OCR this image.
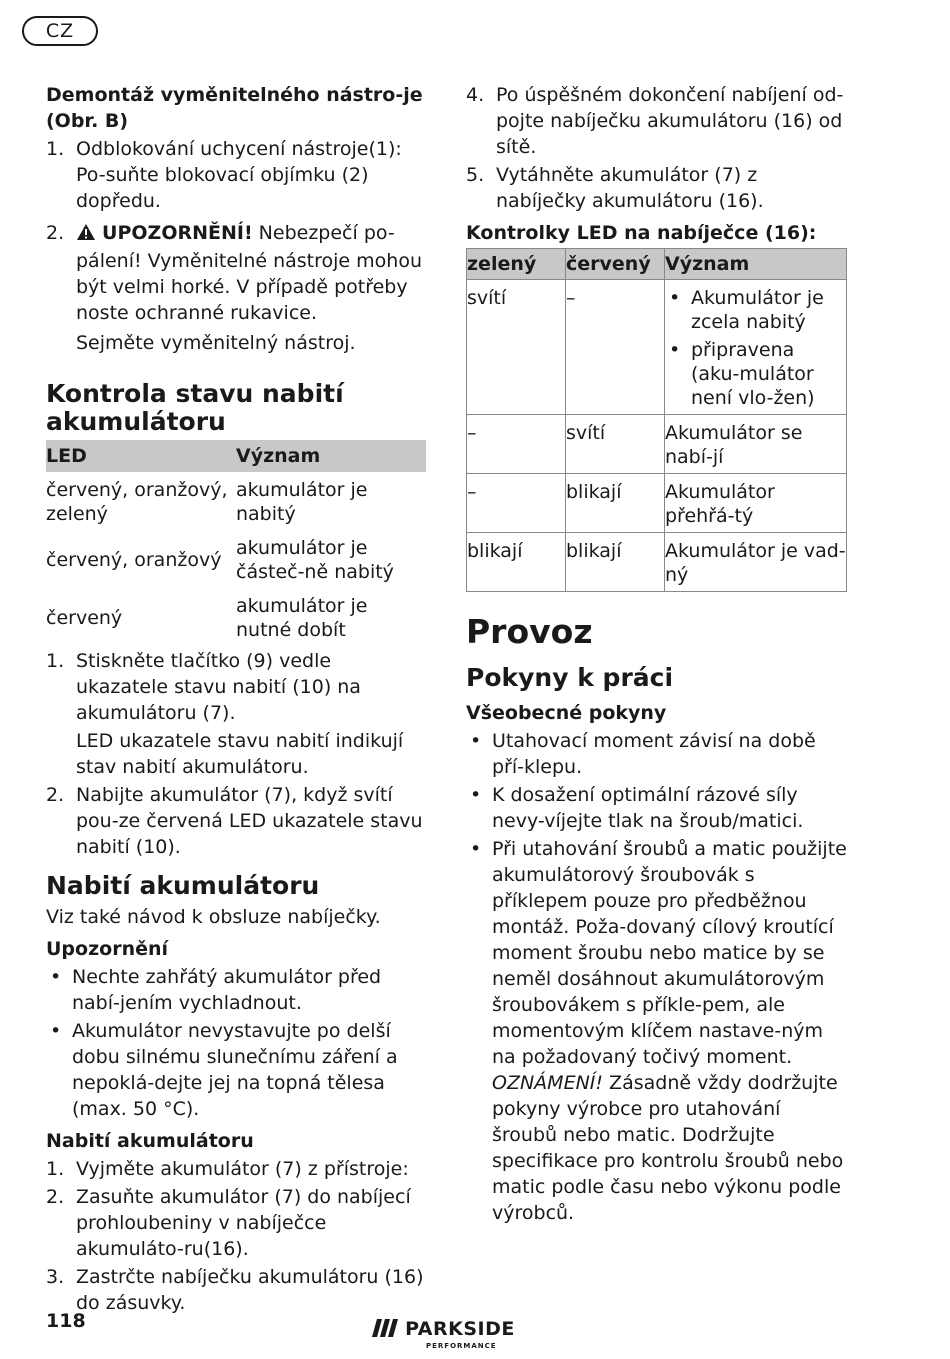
CZ

Demontáž vyměnitelného nástro-je (Obr. B)

1. Odblokování uchycení nástroje(1): Po-suňte blokovací objímku (2) dopředu.
2. UPOZORNĚNÍ! Nebezpečí po-pálení! Vyměnitelné nástroje mohou být velmi horké. V případě potřeby noste ochranné rukavice.
Sejměte vyměnitelný nástroj.

Kontrola stavu nabití akumulátoru

LED	Význam
červený, oranžový, zelený	akumulátor je nabitý
červený, oranžový	akumulátor je částeč-ně nabitý
červený	akumulátor je nutné dobít
1. Stiskněte tlačítko (9) vedle ukazatele stavu nabití (10) na akumulátoru (7).
LED ukazatele stavu nabití indikují stav nabití akumulátoru.
2. Nabijte akumulátor (7), když svítí pou-ze červená LED ukazatele stavu nabití (10).

Nabití akumulátoru

Viz také návod k obsluze nabíječky.

Upozornění

• Nechte zahřátý akumulátor před nabí-jením vychladnout.
• Akumulátor nevystavujte po delší dobu silnému slunečnímu záření a nepoklá-dejte jej na topná tělesa (max. 50 °C).

Nabití akumulátoru

1. Vyjměte akumulátor (7) z přístroje:
2. Zasuňte akumulátor (7) do nabíjecí prohloubeniny v nabíječce akumuláto-ru(16).
3. Zastrčte nabíječku akumulátoru (16) do zásuvky.
4. Po úspěšném dokončení nabíjení od-pojte nabíječku akumulátoru (16) od sítě.
5. Vytáhněte akumulátor (7) z nabíječky akumulátoru (16).

Kontrolky LED na nabíječce (16):

zelený	červený	Význam
svítí	–	• Akumulátor je zcela nabitý
• připravena (aku-mulátor není vlo-žen)

–	svítí	Akumulátor se nabí-jí
–	blikají	Akumulátor přehřá-tý
blikají	blikají	Akumulátor je vad-ný

Provoz

Pokyny k práci

Všeobecné pokyny

• Utahovací moment závisí na době pří-klepu.
• K dosažení optimální rázové síly nevy-víjejte tlak na šroub/matici.
• Při utahování šroubů a matic použijte akumulátorový šroubovák s příklepem pouze pro předběžnou montáž. Poža-dovaný cílový kroutící moment šroubu nebo matice by se neměl dosáhnout akumulátorovým šroubovákem s příkle-pem, ale momentovým klíčem nastave-ným na požadovaný točivý moment.
OZNÁMENÍ! Zásadně vždy dodržujte pokyny výrobce pro utahování šroubů nebo matic. Dodržujte specifikace pro kontrolu šroubů nebo matic podle času nebo výkonu podle výrobců.
118	PARKSIDE
PERFORMANCE
